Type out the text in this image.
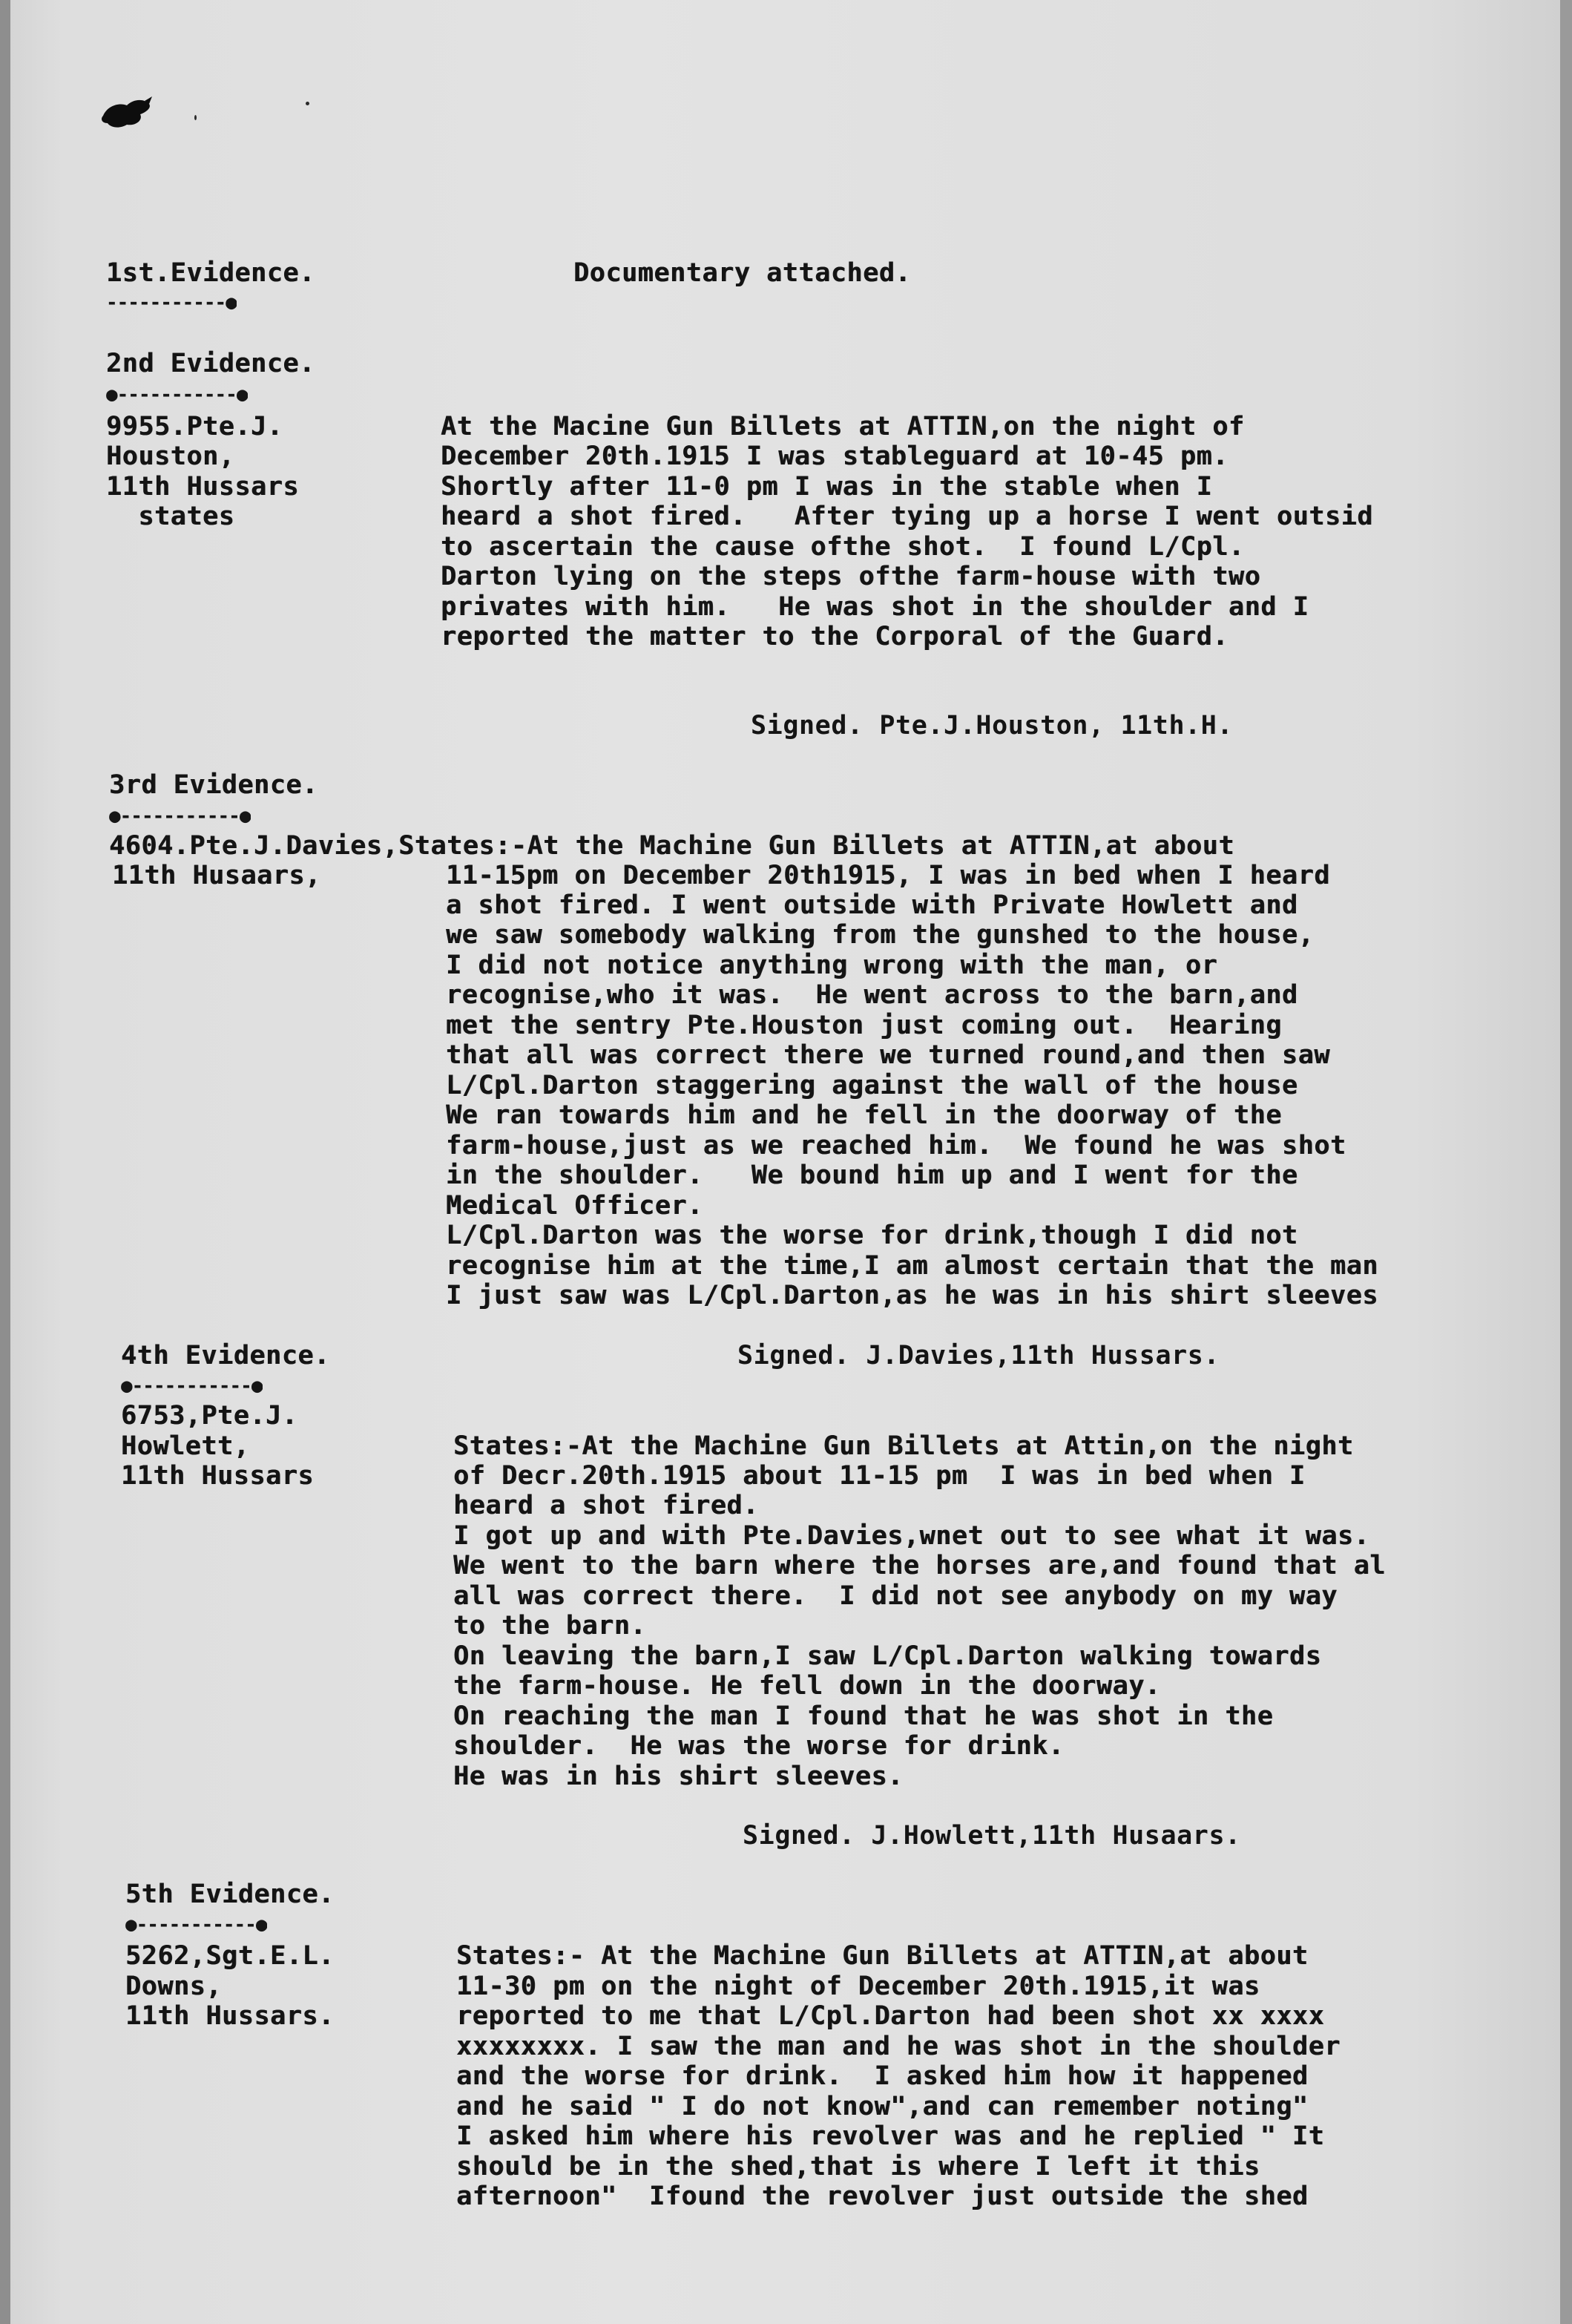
1st.Evidence.
-----------●
Documentary attached.
2nd Evidence.
●-----------●
9955.Pte.J.
Houston,
11th Hussars
states
At the Macine Gun Billets at ATTIN,on the night of
December 20th.1915 I was stableguard at 10-45 pm.
Shortly after 11-0 pm I was in the stable when I
heard a shot fired.   After tying up a horse I went outsid
to ascertain the cause ofthe shot.  I found L/Cpl.
Darton lying on the steps ofthe farm-house with two
privates with him.   He was shot in the shoulder and I
reported the matter to the Corporal of the Guard.
Signed. Pte.J.Houston, 11th.H.
3rd Evidence.
●-----------●
4604.Pte.J.Davies,States:-At the Machine Gun Billets at ATTIN,at about
11th Husaars,	11-15pm on December 20th1915, I was in bed when I heard
a shot fired. I went outside with Private Howlett and
we saw somebody walking from the gunshed to the house,
I did not notice anything wrong with the man, or
recognise,who it was.  He went across to the barn,and
met the sentry Pte.Houston just coming out.  Hearing
that all was correct there we turned round,and then saw
L/Cpl.Darton staggering against the wall of the house
We ran towards him and he fell in the doorway of the
farm-house,just as we reached him.  We found he was shot
in the shoulder.   We bound him up and I went for the
Medical Officer.
L/Cpl.Darton was the worse for drink,though I did not
recognise him at the time,I am almost certain that the man
I just saw was L/Cpl.Darton,as he was in his shirt sleeves
4th Evidence.	Signed. J.Davies,11th Hussars.
●-----------●
6753,Pte.J.
Howlett,
11th Hussars
States:-At the Machine Gun Billets at Attin,on the night
of Decr.20th.1915 about 11-15 pm  I was in bed when I
heard a shot fired.
I got up and with Pte.Davies,wnet out to see what it was.
We went to the barn where the horses are,and found that al
all was correct there.  I did not see anybody on my way
to the barn.
On leaving the barn,I saw L/Cpl.Darton walking towards
the farm-house. He fell down in the doorway.
On reaching the man I found that he was shot in the
shoulder.  He was the worse for drink.
He was in his shirt sleeves.
Signed. J.Howlett,11th Husaars.
5th Evidence.
●-----------●
5262,Sgt.E.L.
Downs,
11th Hussars.
States:- At the Machine Gun Billets at ATTIN,at about
11-30 pm on the night of December 20th.1915,it was
reported to me that L/Cpl.Darton had been shot xx xxxx
xxxxxxxx. I saw the man and he was shot in the shoulder
and the worse for drink.  I asked him how it happened
and he said " I do not know",and can remember noting"
I asked him where his revolver was and he replied " It
should be in the shed,that is where I left it this
afternoon"  Ifound the revolver just outside the shed
